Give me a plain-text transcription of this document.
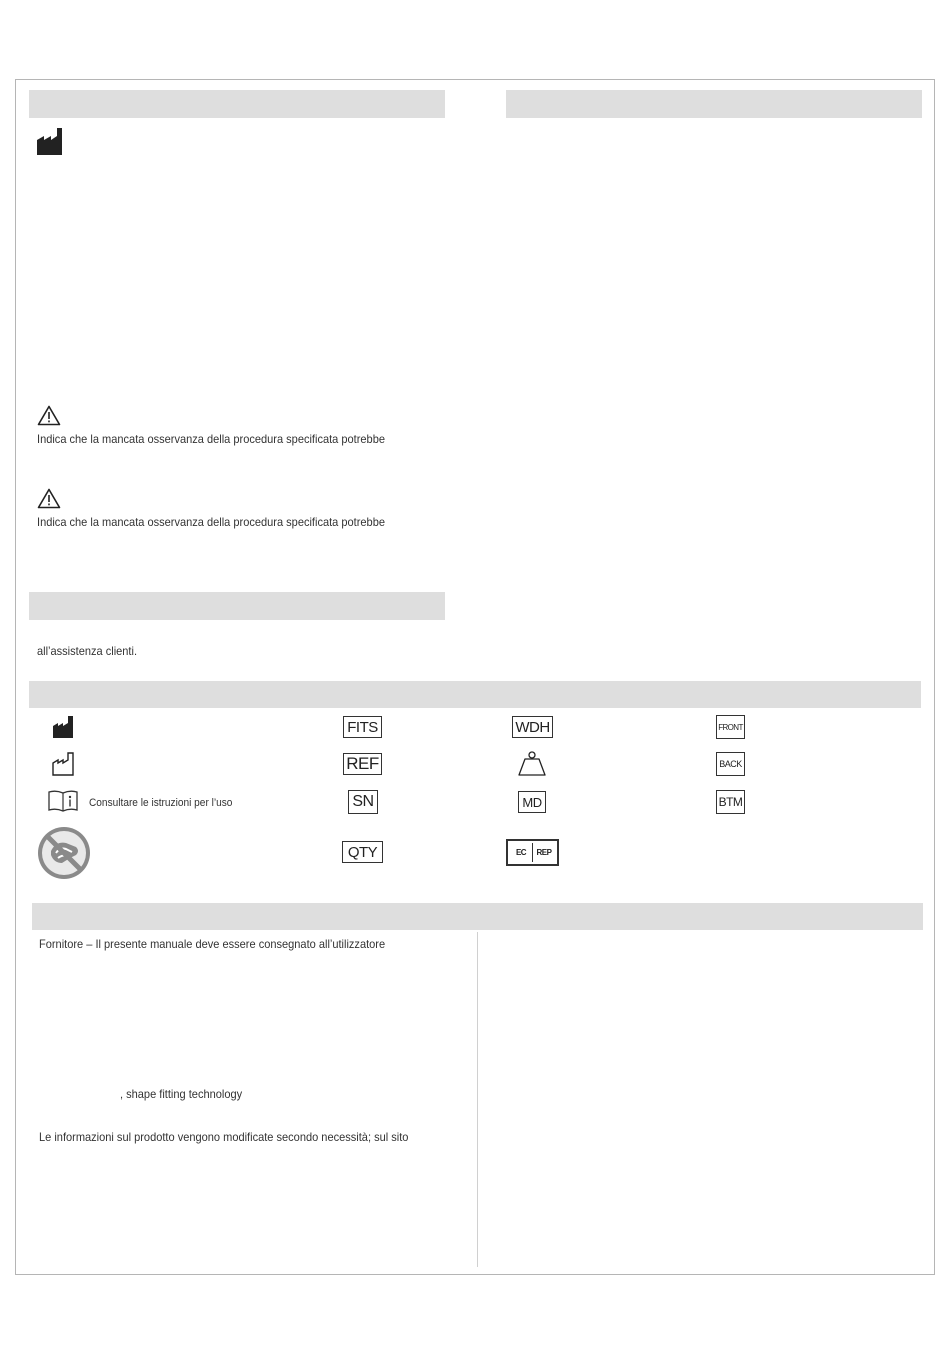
Indica che la mancata osservanza della procedura specificata potrebbe
Indica che la mancata osservanza della procedura specificata potrebbe
all’assistenza clienti.
Consultare le istruzioni per l’uso
FITS
REF
SN
QTY
WDH
MD
EC	REP
FRONT
BACK
BTM
Fornitore – Il presente manuale deve essere consegnato all’utilizzatore
, shape fitting technology
Le informazioni sul prodotto vengono modificate secondo necessità; sul sito
